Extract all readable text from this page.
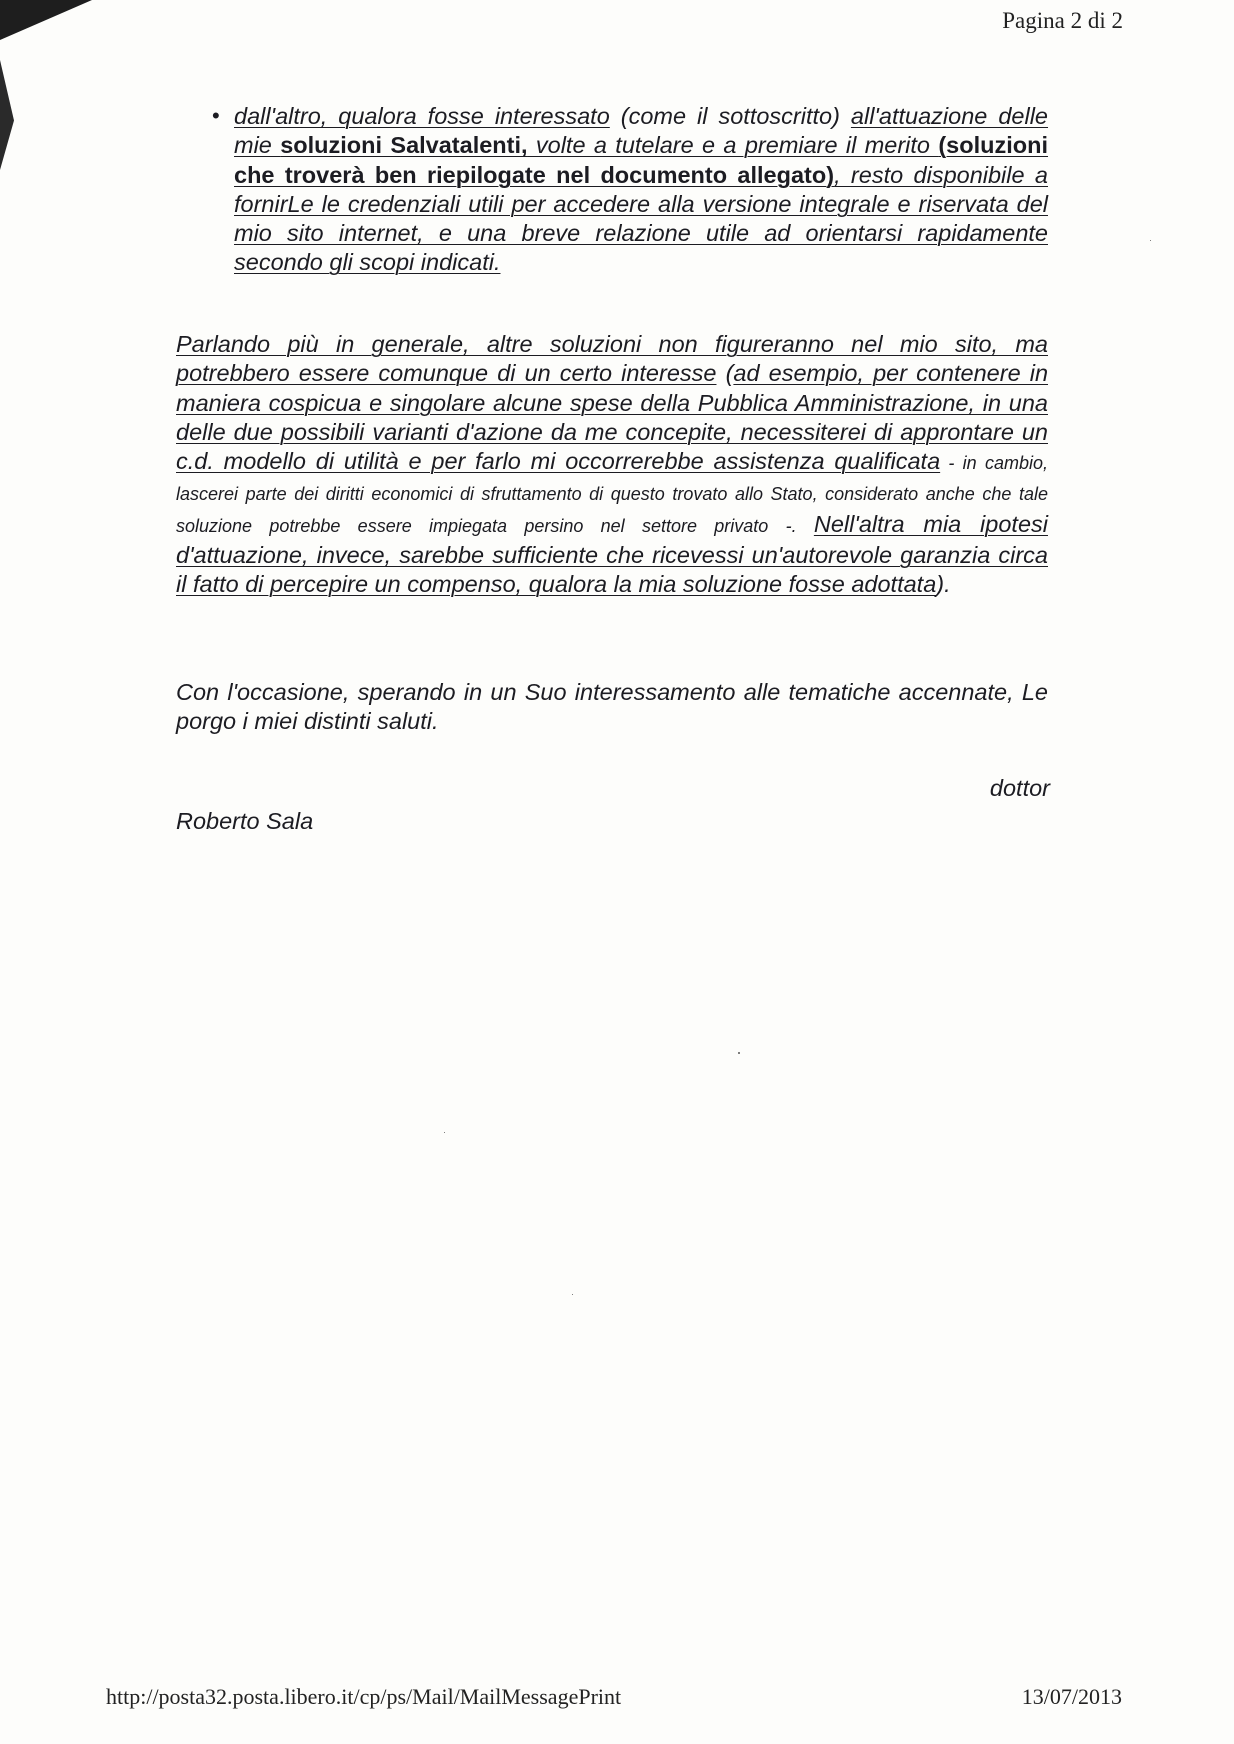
Pagina 2 di 2
• dall'altro, qualora fosse interessato (come il sottoscritto) all'attuazione delle mie soluzioni Salvatalenti, volte a tutelare e a premiare il merito (soluzioni che troverà ben riepilogate nel documento allegato), resto disponibile a fornirLe le credenziali utili per accedere alla versione integrale e riservata del mio sito internet, e una breve relazione utile ad orientarsi rapidamente secondo gli scopi indicati.
Parlando più in generale, altre soluzioni non figureranno nel mio sito, ma potrebbero essere comunque di un certo interesse (ad esempio, per contenere in maniera cospicua e singolare alcune spese della Pubblica Amministrazione, in una delle due possibili varianti d'azione da me concepite, necessiterei di approntare un c.d. modello di utilità e per farlo mi occorrerebbe assistenza qualificata - in cambio, lascerei parte dei diritti economici di sfruttamento di questo trovato allo Stato, considerato anche che tale soluzione potrebbe essere impiegata persino nel settore privato -. Nell'altra mia ipotesi d'attuazione, invece, sarebbe sufficiente che ricevessi un'autorevole garanzia circa il fatto di percepire un compenso, qualora la mia soluzione fosse adottata).
Con l'occasione, sperando in un Suo interessamento alle tematiche accennate, Le porgo i miei distinti saluti.
dottor
Roberto Sala
http://posta32.posta.libero.it/cp/ps/Mail/MailMessagePrint	13/07/2013
